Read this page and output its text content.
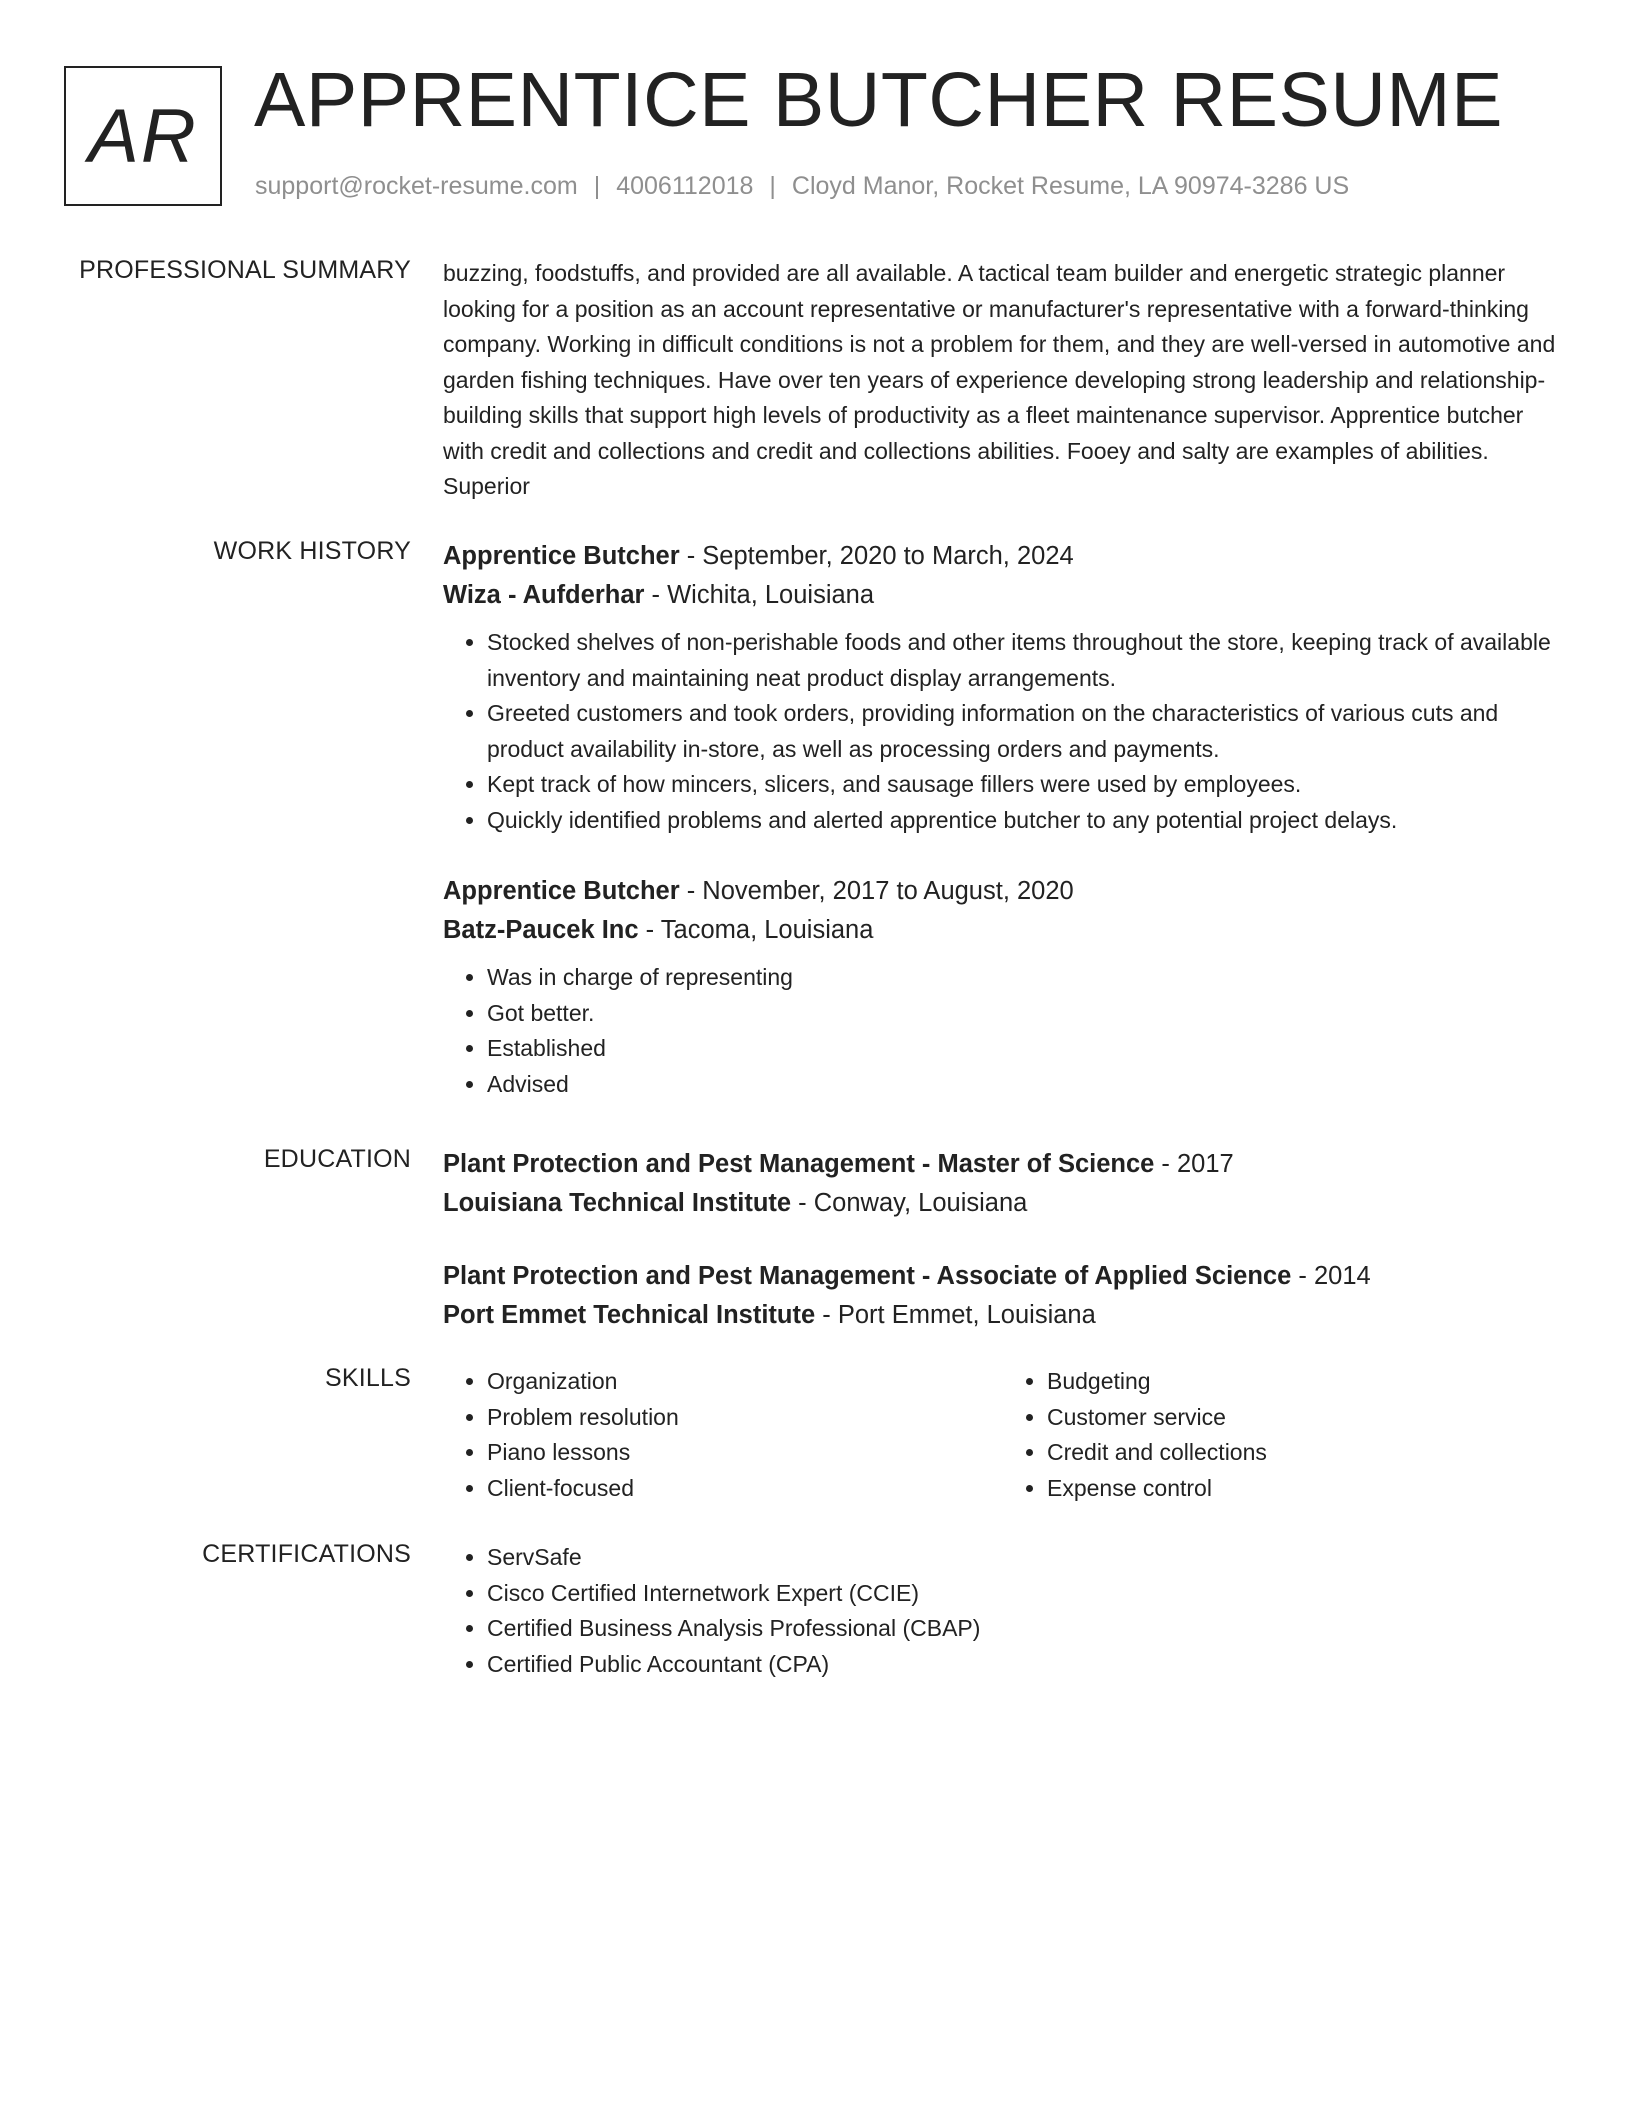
AR APPRENTICE BUTCHER RESUME
support@rocket-resume.com | 4006112018 | Cloyd Manor, Rocket Resume, LA 90974-3286 US
PROFESSIONAL SUMMARY buzzing, foodstuffs, and provided are all available. A tactical team builder and energetic strategic planner looking for a position as an account representative or manufacturer's representative with a forward-thinking company. Working in difficult conditions is not a problem for them, and they are well-versed in automotive and garden fishing techniques. Have over ten years of experience developing strong leadership and relationship-building skills that support high levels of productivity as a fleet maintenance supervisor. Apprentice butcher with credit and collections and credit and collections abilities. Fooey and salty are examples of abilities. Superior

WORK HISTORY Apprentice Butcher - September, 2020 to March, 2024
Wiza - Aufderhar - Wichita, Louisiana
• Stocked shelves of non-perishable foods and other items throughout the store, keeping track of available inventory and maintaining neat product display arrangements.
• Greeted customers and took orders, providing information on the characteristics of various cuts and product availability in-store, as well as processing orders and payments.
• Kept track of how mincers, slicers, and sausage fillers were used by employees.
• Quickly identified problems and alerted apprentice butcher to any potential project delays.
Apprentice Butcher - November, 2017 to August, 2020
Batz-Paucek Inc - Tacoma, Louisiana
• Was in charge of representing
• Got better.
• Established
• Advised
EDUCATION Plant Protection and Pest Management - Master of Science - 2017
Louisiana Technical Institute - Conway, Louisiana
Plant Protection and Pest Management - Associate of Applied Science - 2014
Port Emmet Technical Institute - Port Emmet, Louisiana
SKILLS	• Organization
• Problem resolution
• Piano lessons
• Client-focused
• Budgeting
• Customer service
• Credit and collections
• Expense control
CERTIFICATIONS	• ServSafe
• Cisco Certified Internetwork Expert (CCIE)
• Certified Business Analysis Professional (CBAP)
• Certified Public Accountant (CPA)
